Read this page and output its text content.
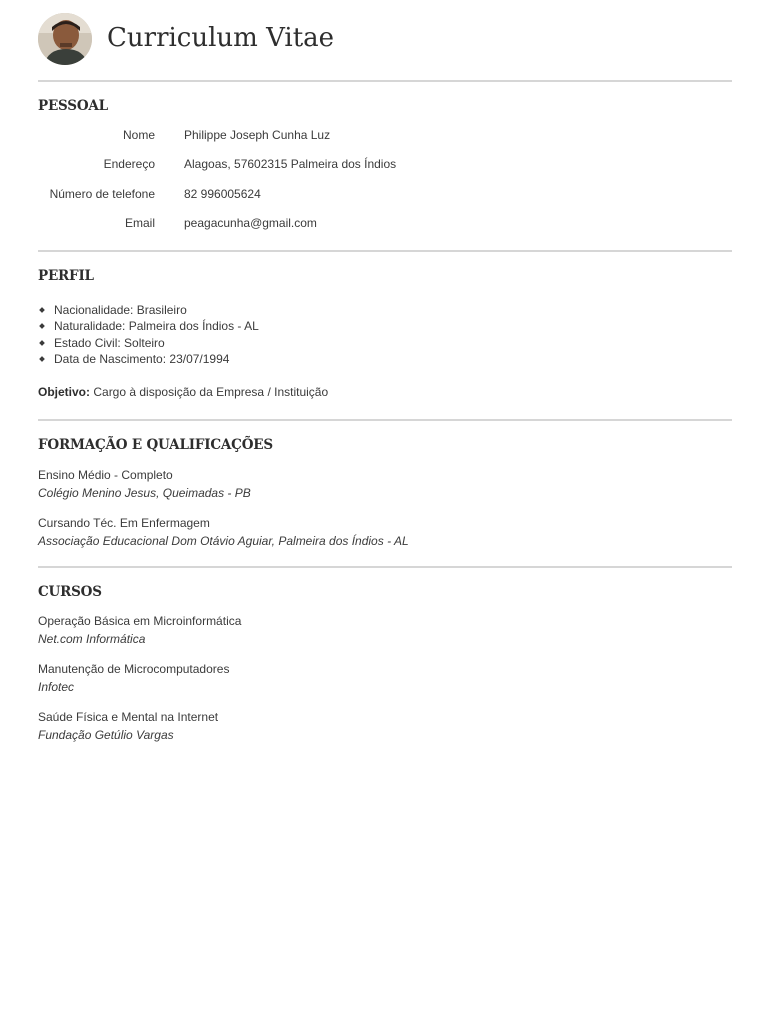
Curriculum Vitae
PESSOAL
Nome Philippe Joseph Cunha Luz
Endereço Alagoas, 57602315 Palmeira dos Índios
Número de telefone 82 996005624
Email peagacunha@gmail.com
PERFIL
Nacionalidade: Brasileiro
Naturalidade: Palmeira dos Índios - AL
Estado Civil: Solteiro
Data de Nascimento: 23/07/1994
Objetivo: Cargo à disposição da Empresa / Instituição
FORMAÇÃO E QUALIFICAÇÕES
Ensino Médio - Completo
Colégio Menino Jesus, Queimadas - PB
Cursando Téc. Em Enfermagem
Associação Educacional Dom Otávio Aguiar, Palmeira dos Índios - AL
CURSOS
Operação Básica em Microinformática
Net.com Informática
Manutenção de Microcomputadores
Infotec
Saúde Física e Mental na Internet
Fundação Getúlio Vargas
